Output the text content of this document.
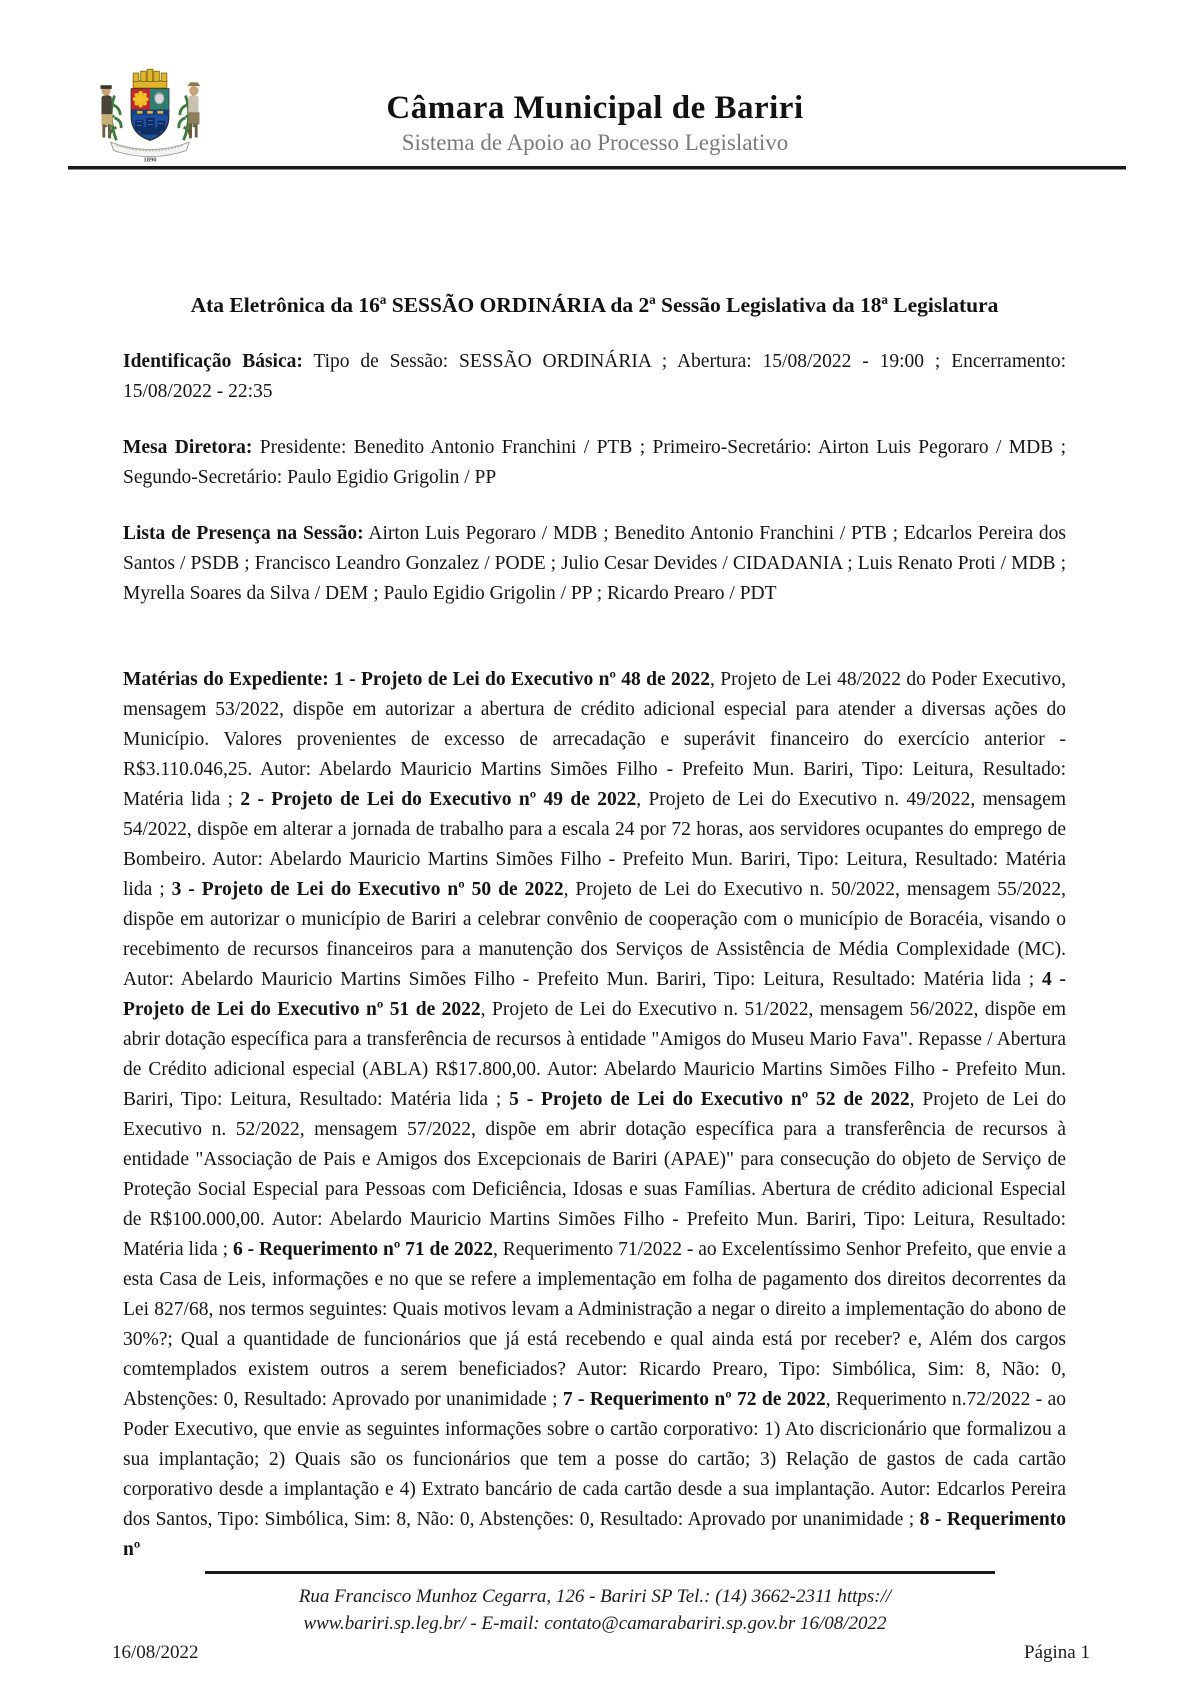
1890
Câmara Municipal de Bariri
Sistema de Apoio ao Processo Legislativo
Ata Eletrônica da 16ª SESSÃO ORDINÁRIA da 2ª Sessão Legislativa da 18ª Legislatura

Identificação Básica: Tipo de Sessão: SESSÃO ORDINÁRIA ; Abertura: 15/08/2022 - 19:00 ; Encerramento: 15/08/2022 - 22:35

Mesa Diretora: Presidente: Benedito Antonio Franchini / PTB ; Primeiro-Secretário: Airton Luis Pegoraro / MDB ; Segundo-Secretário: Paulo Egidio Grigolin / PP

Lista de Presença na Sessão: Airton Luis Pegoraro / MDB ; Benedito Antonio Franchini / PTB ; Edcarlos Pereira dos Santos / PSDB ; Francisco Leandro Gonzalez / PODE ; Julio Cesar Devides / CIDADANIA ; Luis Renato Proti / MDB ; Myrella Soares da Silva / DEM ; Paulo Egidio Grigolin / PP ; Ricardo Prearo / PDT

Matérias do Expediente: 1 - Projeto de Lei do Executivo nº 48 de 2022, Projeto de Lei 48/2022 do Poder Executivo, mensagem 53/2022, dispõe em autorizar a abertura de crédito adicional especial para atender a diversas ações do Município. Valores provenientes de excesso de arrecadação e superávit financeiro do exercício anterior - R$3.110.046,25. Autor: Abelardo Mauricio Martins Simões Filho - Prefeito Mun. Bariri, Tipo: Leitura, Resultado: Matéria lida ; 2 - Projeto de Lei do Executivo nº 49 de 2022, Projeto de Lei do Executivo n. 49/2022, mensagem 54/2022, dispõe em alterar a jornada de trabalho para a escala 24 por 72 horas, aos servidores ocupantes do emprego de Bombeiro. Autor: Abelardo Mauricio Martins Simões Filho - Prefeito Mun. Bariri, Tipo: Leitura, Resultado: Matéria lida ; 3 - Projeto de Lei do Executivo nº 50 de 2022, Projeto de Lei do Executivo n. 50/2022, mensagem 55/2022, dispõe em autorizar o município de Bariri a celebrar convênio de cooperação com o município de Boracéia, visando o recebimento de recursos financeiros para a manutenção dos Serviços de Assistência de Média Complexidade (MC). Autor: Abelardo Mauricio Martins Simões Filho - Prefeito Mun. Bariri, Tipo: Leitura, Resultado: Matéria lida ; 4 - Projeto de Lei do Executivo nº 51 de 2022, Projeto de Lei do Executivo n. 51/2022, mensagem 56/2022, dispõe em abrir dotação específica para a transferência de recursos à entidade "Amigos do Museu Mario Fava". Repasse / Abertura de Crédito adicional especial (ABLA) R$17.800,00. Autor: Abelardo Mauricio Martins Simões Filho - Prefeito Mun. Bariri, Tipo: Leitura, Resultado: Matéria lida ; 5 - Projeto de Lei do Executivo nº 52 de 2022, Projeto de Lei do Executivo n. 52/2022, mensagem 57/2022, dispõe em abrir dotação específica para a transferência de recursos à entidade "Associação de Pais e Amigos dos Excepcionais de Bariri (APAE)" para consecução do objeto de Serviço de Proteção Social Especial para Pessoas com Deficiência, Idosas e suas Famílias. Abertura de crédito adicional Especial de R$100.000,00. Autor: Abelardo Mauricio Martins Simões Filho - Prefeito Mun. Bariri, Tipo: Leitura, Resultado: Matéria lida ; 6 - Requerimento nº 71 de 2022, Requerimento 71/2022 - ao Excelentíssimo Senhor Prefeito, que envie a esta Casa de Leis, informações e no que se refere a implementação em folha de pagamento dos direitos decorrentes da Lei 827/68, nos termos seguintes: Quais motivos levam a Administração a negar o direito a implementação do abono de 30%?; Qual a quantidade de funcionários que já está recebendo e qual ainda está por receber? e, Além dos cargos comtemplados existem outros a serem beneficiados? Autor: Ricardo Prearo, Tipo: Simbólica, Sim: 8, Não: 0, Abstenções: 0, Resultado: Aprovado por unanimidade ; 7 - Requerimento nº 72 de 2022, Requerimento n.72/2022 - ao Poder Executivo, que envie as seguintes informações sobre o cartão corporativo: 1) Ato discricionário que formalizou a sua implantação; 2) Quais são os funcionários que tem a posse do cartão; 3) Relação de gastos de cada cartão corporativo desde a implantação e 4) Extrato bancário de cada cartão desde a sua implantação. Autor: Edcarlos Pereira dos Santos, Tipo: Simbólica, Sim: 8, Não: 0, Abstenções: 0, Resultado: Aprovado por unanimidade ; 8 - Requerimento nº

Rua Francisco Munhoz Cegarra, 126 - Bariri SP Tel.: (14) 3662-2311 https://
www.bariri.sp.leg.br/ - E-mail: contato@camarabariri.sp.gov.br 16/08/2022
16/08/2022	Página 1
